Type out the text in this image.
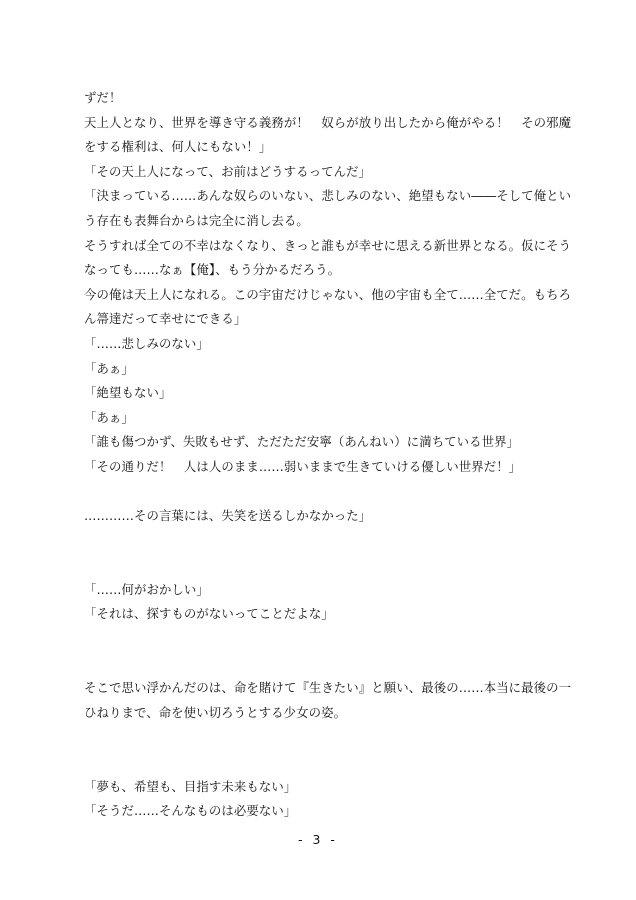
ずだ！
天上人となり、世界を導き守る義務が！　奴らが放り出したから俺がやる！　その邪魔
をする権利は、何人にもない！」
「その天上人になって、お前はどうするってんだ」
「決まっている……あんな奴らのいない、悲しみのない、絶望もない――そして俺とい
う存在も表舞台からは完全に消し去る。
そうすれば全ての不幸はなくなり、きっと誰もが幸せに思える新世界となる。仮にそう
なっても……なぁ【俺】、もう分かるだろう。
今の俺は天上人になれる。この宇宙だけじゃない、他の宇宙も全て……全てだ。もちろ
ん箒達だって幸せにできる」
「……悲しみのない」
「あぁ」
「絶望もない」
「あぁ」
「誰も傷つかず、失敗もせず、ただただ安寧（あんねい）に満ちている世界」
「その通りだ！　人は人のまま……弱いままで生きていける優しい世界だ！」
…………その言葉には、失笑を送るしかなかった」
「……何がおかしい」
「それは、探すものがないってことだよな」
そこで思い浮かんだのは、命を賭けて『生きたい』と願い、最後の……本当に最後の一
ひねりまで、命を使い切ろうとする少女の姿。
「夢も、希望も、目指す未来もない」
「そうだ……そんなものは必要ない」
- 3 -
